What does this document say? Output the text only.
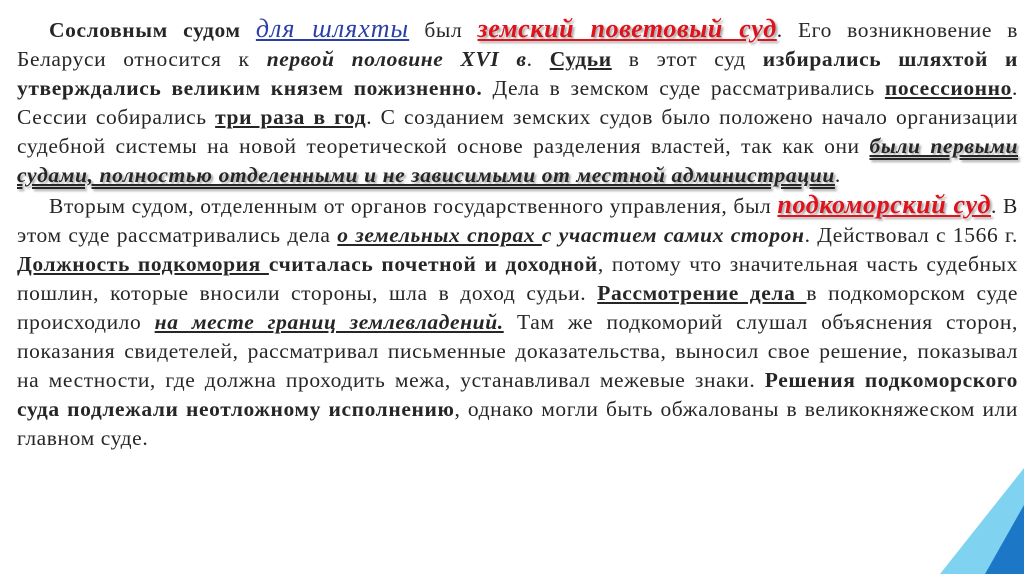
Сословным судом для шляхты был земский поветовый суд. Его возникновение в Беларуси относится к первой половине XVI в. Судьи в этот суд избирались шляхтой и утверждались великим князем пожизненно. Дела в земском суде рассматривались посессионно. Сессии собирались три раза в год. С созданием земских судов было положено начало организации судебной системы на новой теоретической основе разделения властей, так как они были первыми судами, полностью отделенными и не зависимыми от местной администрации.

Вторым судом, отделенным от органов государственного управления, был подкоморский суд. В этом суде рассматривались дела о земельных спорах с участием самих сторон. Действовал с 1566 г. Должность подкомория считалась почетной и доходной, потому что значительная часть судебных пошлин, которые вносили стороны, шла в доход судьи. Рассмотрение дела в подкоморском суде происходило на месте границ землевладений. Там же подкоморий слушал объяснения сторон, показания свидетелей, рассматривал письменные доказательства, выносил свое решение, показывал на местности, где должна проходить межа, устанавливал межевые знаки. Решения подкоморского суда подлежали неотложному исполнению, однако могли быть обжалованы в великокняжеском или главном суде.
